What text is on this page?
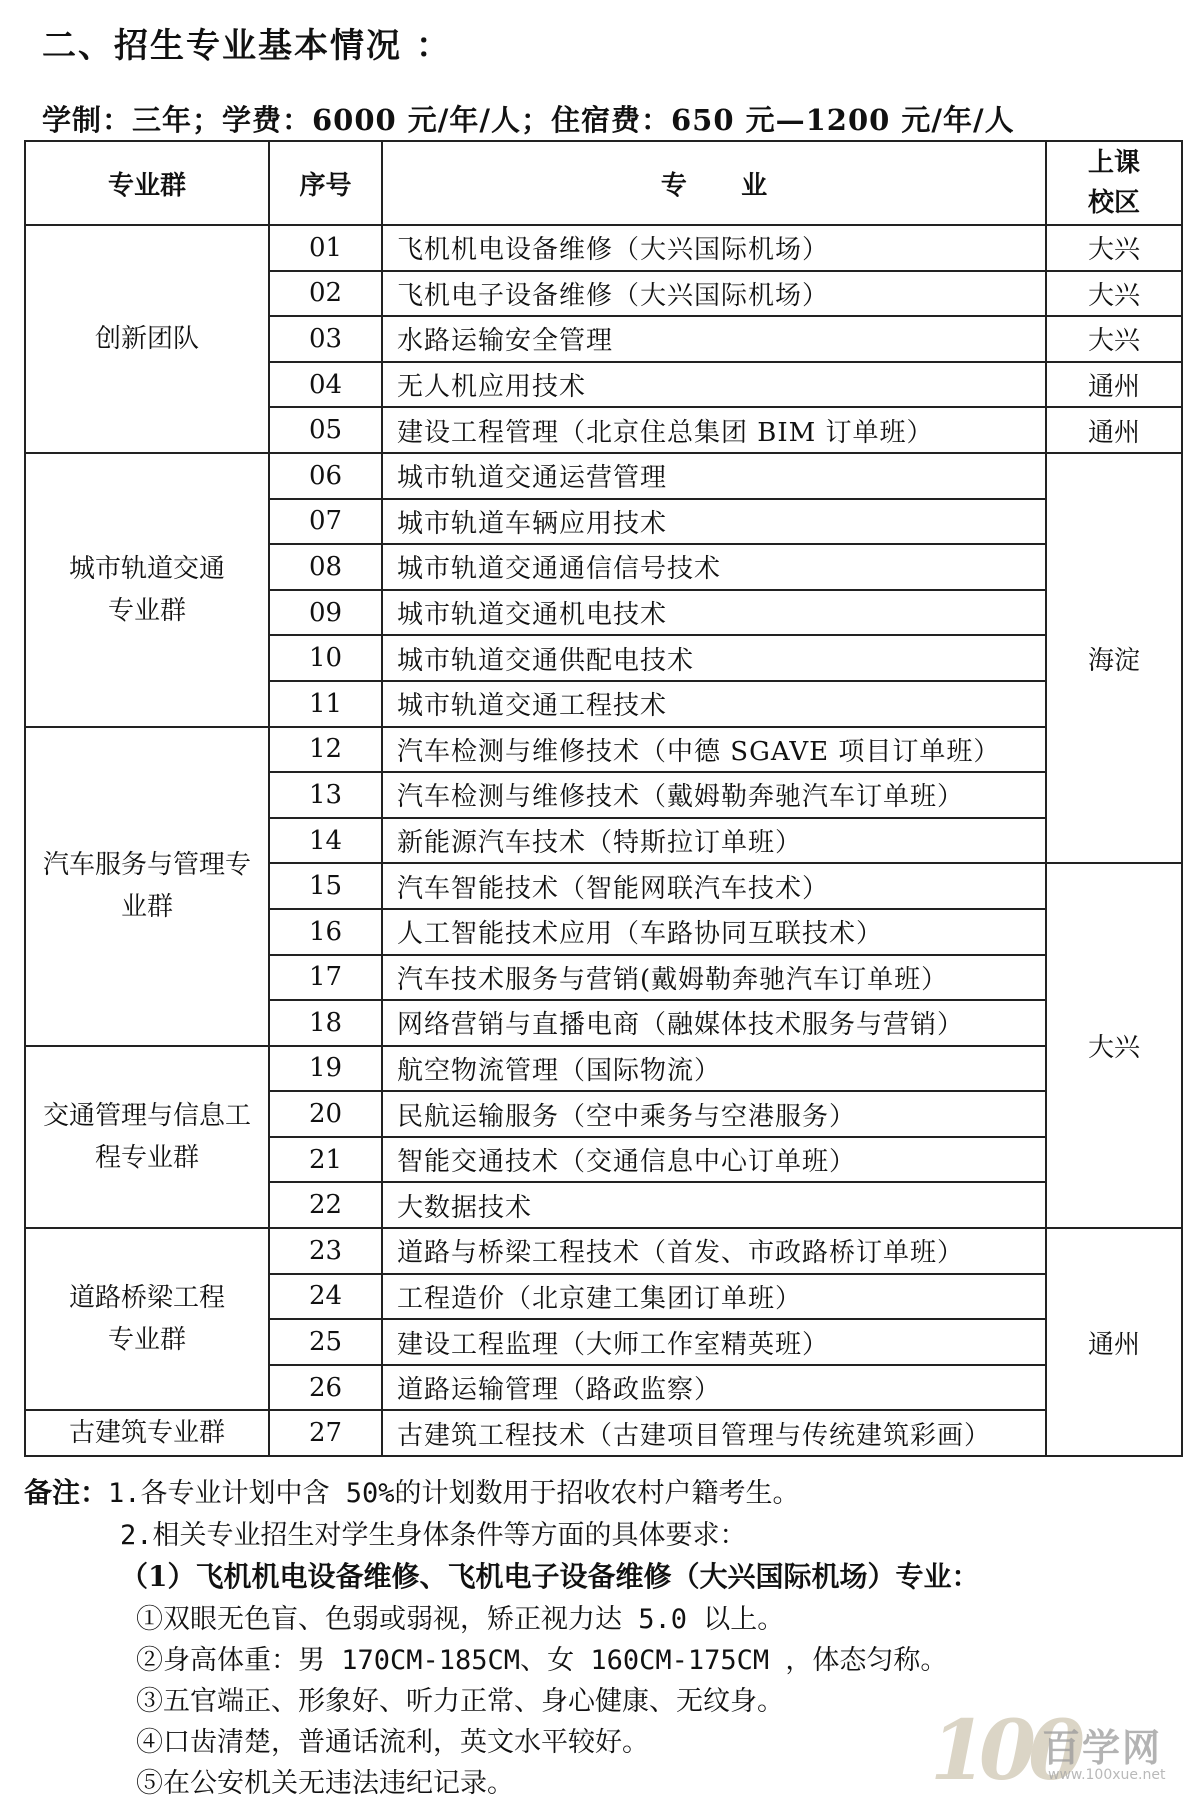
二、招生专业基本情况 ：
学制：三年；学费：6000 元/年/人；住宿费：650 元—1200 元/年/人
专业群	序号	专      业	上课
校区
创新团队	01	飞机机电设备维修（大兴国际机场）	大兴
	02	飞机电子设备维修（大兴国际机场）	大兴
	03	水路运输安全管理	大兴
	04	无人机应用技术	通州
	05	建设工程管理（北京住总集团 BIM 订单班）	通州
城市轨道交通
专业群	06	城市轨道交通运营管理	海淀
	07	城市轨道车辆应用技术	
	08	城市轨道交通通信信号技术	
	09	城市轨道交通机电技术	
	10	城市轨道交通供配电技术	
	11	城市轨道交通工程技术	
汽车服务与管理专
业群	12	汽车检测与维修技术（中德 SGAVE 项目订单班）	
	13	汽车检测与维修技术（戴姆勒奔驰汽车订单班）	
	14	新能源汽车技术（特斯拉订单班）	
	15	汽车智能技术（智能网联汽车技术）	大兴
	16	人工智能技术应用（车路协同互联技术）	
	17	汽车技术服务与营销(戴姆勒奔驰汽车订单班）	
	18	网络营销与直播电商（融媒体技术服务与营销）	
交通管理与信息工
程专业群	19	航空物流管理（国际物流）	
	20	民航运输服务（空中乘务与空港服务）	
	21	智能交通技术（交通信息中心订单班）	
	22	大数据技术	
道路桥梁工程
专业群	23	道路与桥梁工程技术（首发、市政路桥订单班）	通州
	24	工程造价（北京建工集团订单班）	
	25	建设工程监理（大师工作室精英班）	
	26	道路运输管理（路政监察）	
古建筑专业群	27	古建筑工程技术（古建项目管理与传统建筑彩画）	
备注：1.各专业计划中含 50%的计划数用于招收农村户籍考生。
2.相关专业招生对学生身体条件等方面的具体要求：
（1）飞机机电设备维修、飞机电子设备维修（大兴国际机场）专业：
①双眼无色盲、色弱或弱视，矫正视力达 5.0 以上。
②身高体重：男 170CM-185CM、女 160CM-175CM ，体态匀称。
③五官端正、形象好、听力正常、身心健康、无纹身。
④口齿清楚，普通话流利，英文水平较好。
⑤在公安机关无违法违纪记录。	100
百学网
www.100xue.net
